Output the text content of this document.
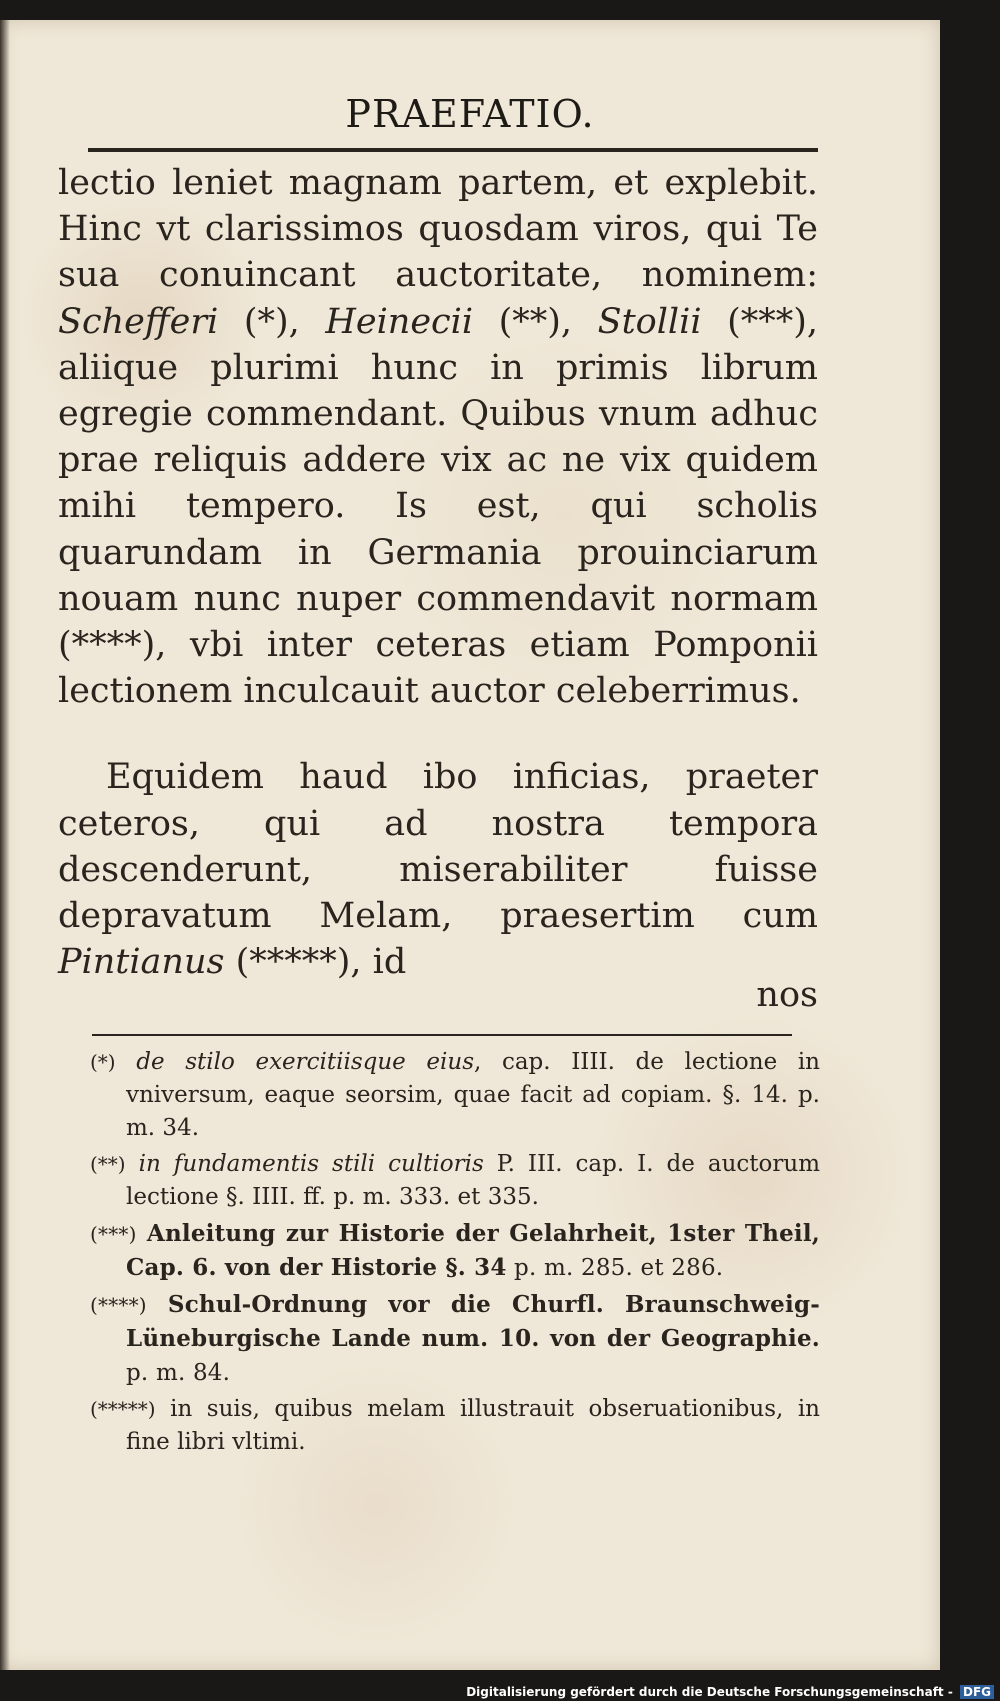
PRAEFATIO.

lectio leniet magnam partem, et explebit. Hinc vt clarissimos quosdam viros, qui Te sua conuincant auctoritate, nominem: Schefferi (*), Heinecii (**), Stollii (***), aliique plurimi hunc in primis librum egregie commendant. Quibus vnum adhuc prae reliquis addere vix ac ne vix quidem mihi tempero. Is est, qui scholis quarundam in Germania prouinciarum nouam nunc nuper commendavit normam (****), vbi inter ceteras etiam Pomponii lectionem inculcauit auctor celeberrimus.

Equidem haud ibo inficias, praeter ceteros, qui ad nostra tempora descenderunt, miserabiliter fuisse depravatum Melam, praesertim cum Pintianus (*****), id

nos

(*) de stilo exercitiisque eius, cap. IIII. de lectione in vniversum, eaque seorsim, quae facit ad copiam. §. 14. p. m. 34.

(**) in fundamentis stili cultioris P. III. cap. I. de auctorum lectione §. IIII. ff. p. m. 333. et 335.

(***) Anleitung zur Historie der Gelahrheit, 1ster Theil, Cap. 6. von der Historie §. 34 p. m. 285. et 286.

(****) Schul-Ordnung vor die Churfl. Braunschweig-Lüneburgische Lande num. 10. von der Geographie. p. m. 84.

(*****) in suis, quibus melam illustrauit obseruationibus, in fine libri vltimi.

Digitalisierung gefördert durch die Deutsche Forschungsgemeinschaft - DFG
